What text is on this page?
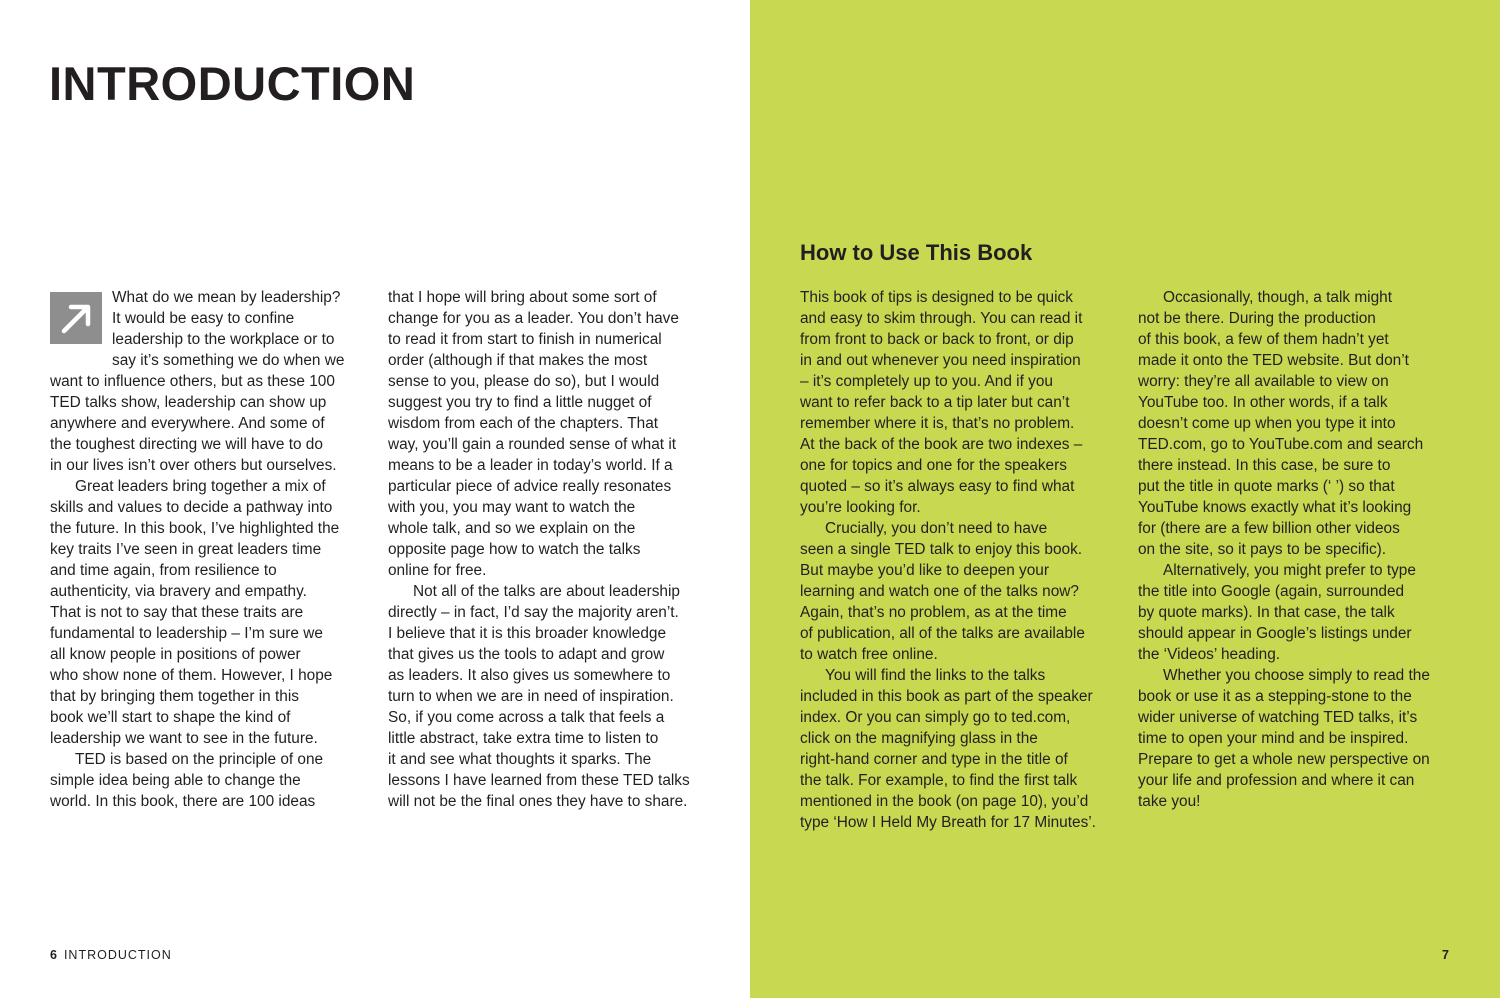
INTRODUCTION
What do we mean by leadership?
It would be easy to confine
leadership to the workplace or to
say it’s something we do when we
want to influence others, but as these 100
TED talks show, leadership can show up
anywhere and everywhere. And some of
the toughest directing we will have to do
in our lives isn’t over others but ourselves.
Great leaders bring together a mix of
skills and values to decide a pathway into
the future. In this book, I’ve highlighted the
key traits I’ve seen in great leaders time
and time again, from resilience to
authenticity, via bravery and empathy.
That is not to say that these traits are
fundamental to leadership – I’m sure we
all know people in positions of power
who show none of them. However, I hope
that by bringing them together in this
book we’ll start to shape the kind of
leadership we want to see in the future.
TED is based on the principle of one
simple idea being able to change the
world. In this book, there are 100 ideas
that I hope will bring about some sort of
change for you as a leader. You don’t have
to read it from start to finish in numerical
order (although if that makes the most
sense to you, please do so), but I would
suggest you try to find a little nugget of
wisdom from each of the chapters. That
way, you’ll gain a rounded sense of what it
means to be a leader in today’s world. If a
particular piece of advice really resonates
with you, you may want to watch the
whole talk, and so we explain on the
opposite page how to watch the talks
online for free.
Not all of the talks are about leadership
directly – in fact, I’d say the majority aren’t.
I believe that it is this broader knowledge
that gives us the tools to adapt and grow
as leaders. It also gives us somewhere to
turn to when we are in need of inspiration.
So, if you come across a talk that feels a
little abstract, take extra time to listen to
it and see what thoughts it sparks. The
lessons I have learned from these TED talks
will not be the final ones they have to share.
How to Use This Book
This book of tips is designed to be quick
and easy to skim through. You can read it
from front to back or back to front, or dip
in and out whenever you need inspiration
– it’s completely up to you. And if you
want to refer back to a tip later but can’t
remember where it is, that’s no problem.
At the back of the book are two indexes –
one for topics and one for the speakers
quoted – so it’s always easy to find what
you’re looking for.
Crucially, you don’t need to have
seen a single TED talk to enjoy this book.
But maybe you’d like to deepen your
learning and watch one of the talks now?
Again, that’s no problem, as at the time
of publication, all of the talks are available
to watch free online.
You will find the links to the talks
included in this book as part of the speaker
index. Or you can simply go to ted.com,
click on the magnifying glass in the
right-hand corner and type in the title of
the talk. For example, to find the first talk
mentioned in the book (on page 10), you’d
type ‘How I Held My Breath for 17 Minutes’.
Occasionally, though, a talk might
not be there. During the production
of this book, a few of them hadn’t yet
made it onto the TED website. But don’t
worry: they’re all available to view on
YouTube too. In other words, if a talk
doesn’t come up when you type it into
TED.com, go to YouTube.com and search
there instead. In this case, be sure to
put the title in quote marks (‘ ’) so that
YouTube knows exactly what it’s looking
for (there are a few billion other videos
on the site, so it pays to be specific).
Alternatively, you might prefer to type
the title into Google (again, surrounded
by quote marks). In that case, the talk
should appear in Google’s listings under
the ‘Videos’ heading.
Whether you choose simply to read the
book or use it as a stepping-stone to the
wider universe of watching TED talks, it’s
time to open your mind and be inspired.
Prepare to get a whole new perspective on
your life and profession and where it can
take you!
6 INTRODUCTION	7
